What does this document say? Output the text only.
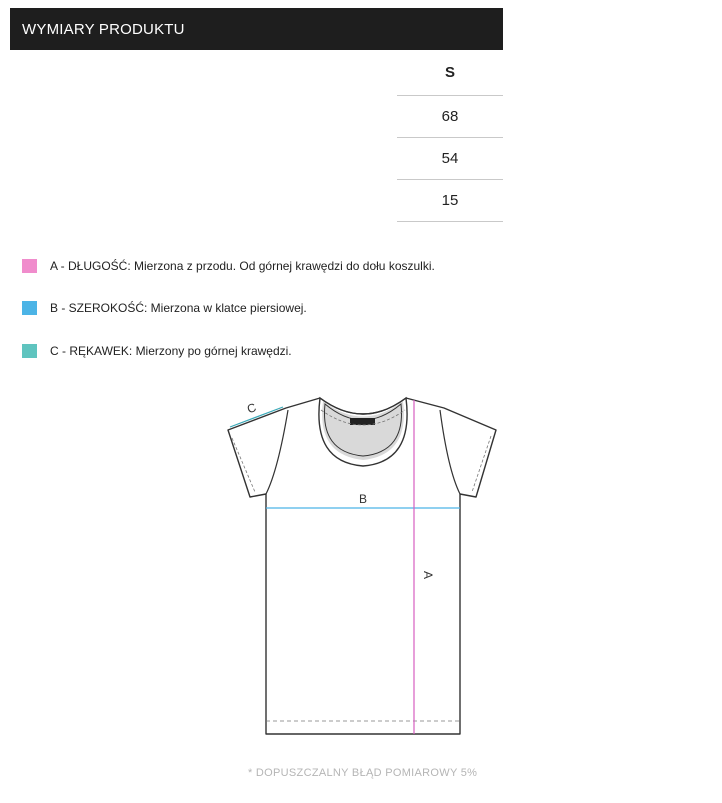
WYMIARY PRODUKTU
S
68
54
15
A - DŁUGOŚĆ: Mierzona z przodu. Od górnej krawędzi do dołu koszulki.
B - SZEROKOŚĆ: Mierzona w klatce piersiowej.
C - RĘKAWEK: Mierzony po górnej krawędzi.
B
A
C
* DOPUSZCZALNY BŁĄD POMIAROWY 5%
